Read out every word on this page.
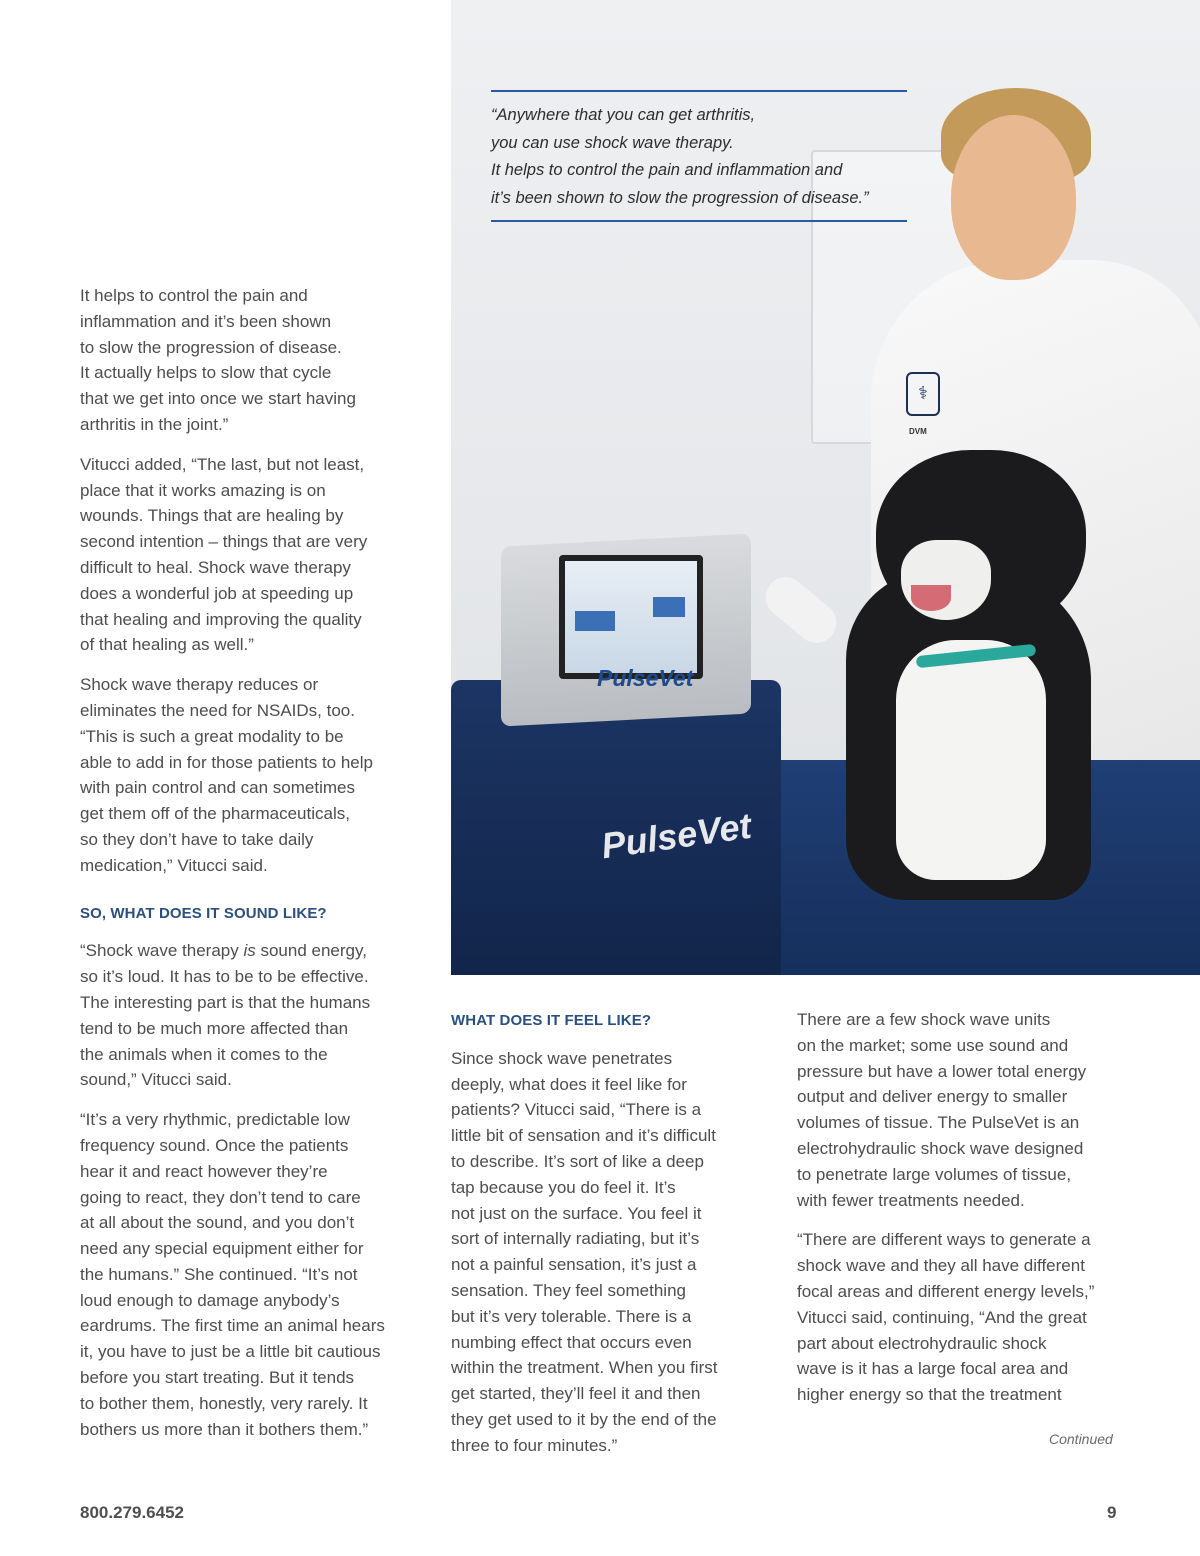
⚕
DVM
PulseVet
PulseVet
“Anywhere that you can get arthritis,
you can use shock wave therapy.
It helps to control the pain and inflammation and
it’s been shown to slow the progression of disease.”

It helps to control the pain and
inflammation and it’s been shown
to slow the progression of disease.
It actually helps to slow that cycle
that we get into once we start having
arthritis in the joint.”

Vitucci added, “The last, but not least,
place that it works amazing is on
wounds. Things that are healing by
second intention – things that are very
difficult to heal. Shock wave therapy
does a wonderful job at speeding up
that healing and improving the quality
of that healing as well.”

Shock wave therapy reduces or
eliminates the need for NSAIDs, too.
“This is such a great modality to be
able to add in for those patients to help
with pain control and can sometimes
get them off of the pharmaceuticals,
so they don’t have to take daily
medication,” Vitucci said.

SO, WHAT DOES IT SOUND LIKE?

“Shock wave therapy is sound energy,
so it’s loud. It has to be to be effective.
The interesting part is that the humans
tend to be much more affected than
the animals when it comes to the
sound,” Vitucci said.

“It’s a very rhythmic, predictable low
frequency sound. Once the patients
hear it and react however they’re
going to react, they don’t tend to care
at all about the sound, and you don’t
need any special equipment either for
the humans.” She continued. “It’s not
loud enough to damage anybody’s
eardrums. The first time an animal hears
it, you have to just be a little bit cautious
before you start treating. But it tends
to bother them, honestly, very rarely. It
bothers us more than it bothers them.”

WHAT DOES IT FEEL LIKE?

Since shock wave penetrates
deeply, what does it feel like for
patients? Vitucci said, “There is a
little bit of sensation and it’s difficult
to describe. It’s sort of like a deep
tap because you do feel it. It’s
not just on the surface. You feel it
sort of internally radiating, but it’s
not a painful sensation, it’s just a
sensation. They feel something
but it’s very tolerable. There is a
numbing effect that occurs even
within the treatment. When you first
get started, they’ll feel it and then
they get used to it by the end of the
three to four minutes.”

There are a few shock wave units
on the market; some use sound and
pressure but have a lower total energy
output and deliver energy to smaller
volumes of tissue. The PulseVet is an
electrohydraulic shock wave designed
to penetrate large volumes of tissue,
with fewer treatments needed.

“There are different ways to generate a
shock wave and they all have different
focal areas and different energy levels,”
Vitucci said, continuing, “And the great
part about electrohydraulic shock
wave is it has a large focal area and
higher energy so that the treatment

Continued
800.279.6452	9
